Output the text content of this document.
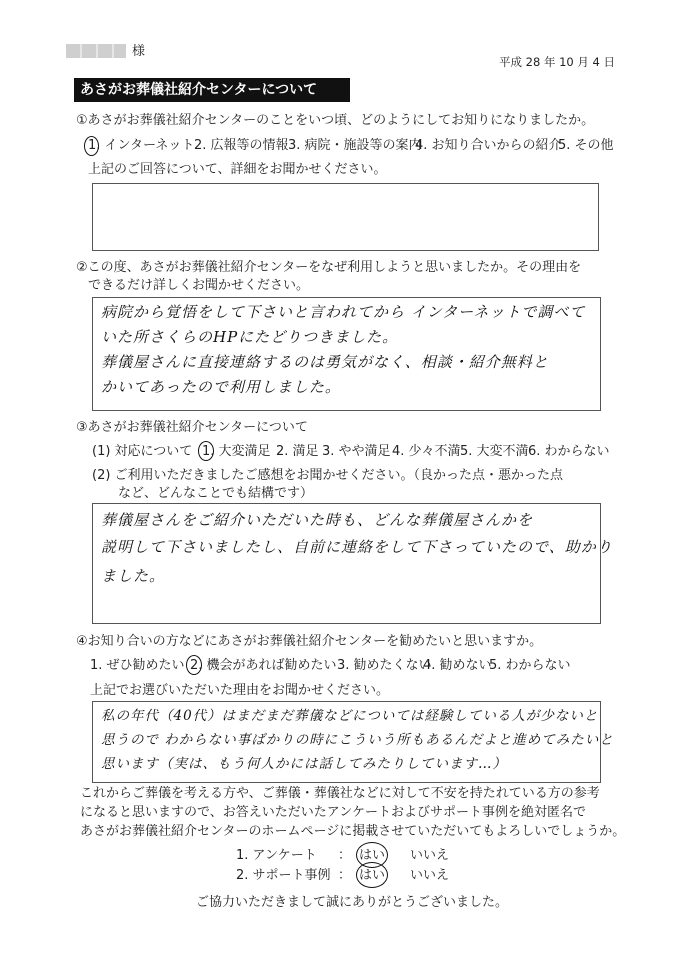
様
平成 28 年 10 月 4 日
あさがお葬儀社紹介センターについて
①あさがお葬儀社紹介センターのことをいつ頃、どのようにしてお知りになりましたか。
1. インターネット 2. 広報等の情報 3. 病院・施設等の案内
4. お知り合いからの紹介
5. その他
上記のご回答について、詳細をお聞かせください。
②この度、あさがお葬儀社紹介センターをなぜ利用しようと思いましたか。その理由を
できるだけ詳しくお聞かせください。
病院から覚悟をして下さいと言われてから インターネットで調べて
いた所さくらのHPにたどりつきました。
葬儀屋さんに直接連絡するのは勇気がなく、相談・紹介無料と
かいてあったので利用しました。
③あさがお葬儀社紹介センターについて
(1) 対応について 1. 大変満足 2. 満足 3. やや満足 4. 少々不満 5. 大変不満 6. わからない
(2) ご利用いただきましたご感想をお聞かせください。（良かった点・悪かった点
など、どんなことでも結構です）
葬儀屋さんをご紹介いただいた時も、どんな葬儀屋さんかを
説明して下さいましたし、自前に連絡をして下さっていたので、助かり
ました。
④お知り合いの方などにあさがお葬儀社紹介センターを勧めたいと思いますか。
1. ぜひ勧めたい 2. 機会があれば勧めたい 3. 勧めたくない
4. 勧めない
5. わからない
上記でお選びいただいた理由をお聞かせください。
私の年代（40代）はまだまだ葬儀などについては経験している人が少ないと
思うので わからない事ばかりの時にこういう所もあるんだよと進めてみたいと
思います（実は、もう何人かには話してみたりしています…）
これからご葬儀を考える方や、ご葬儀・葬儀社などに対して不安を持たれている方の参考
になると思いますので、お答えいただいたアンケートおよびサポート事例を絶対匿名で
あさがお葬儀社紹介センターのホームページに掲載させていただいてもよろしいでしょうか。
1. アンケート ： はい いいえ
2. サポート事例 ： はい いいえ
ご協力いただきまして誠にありがとうございました。
